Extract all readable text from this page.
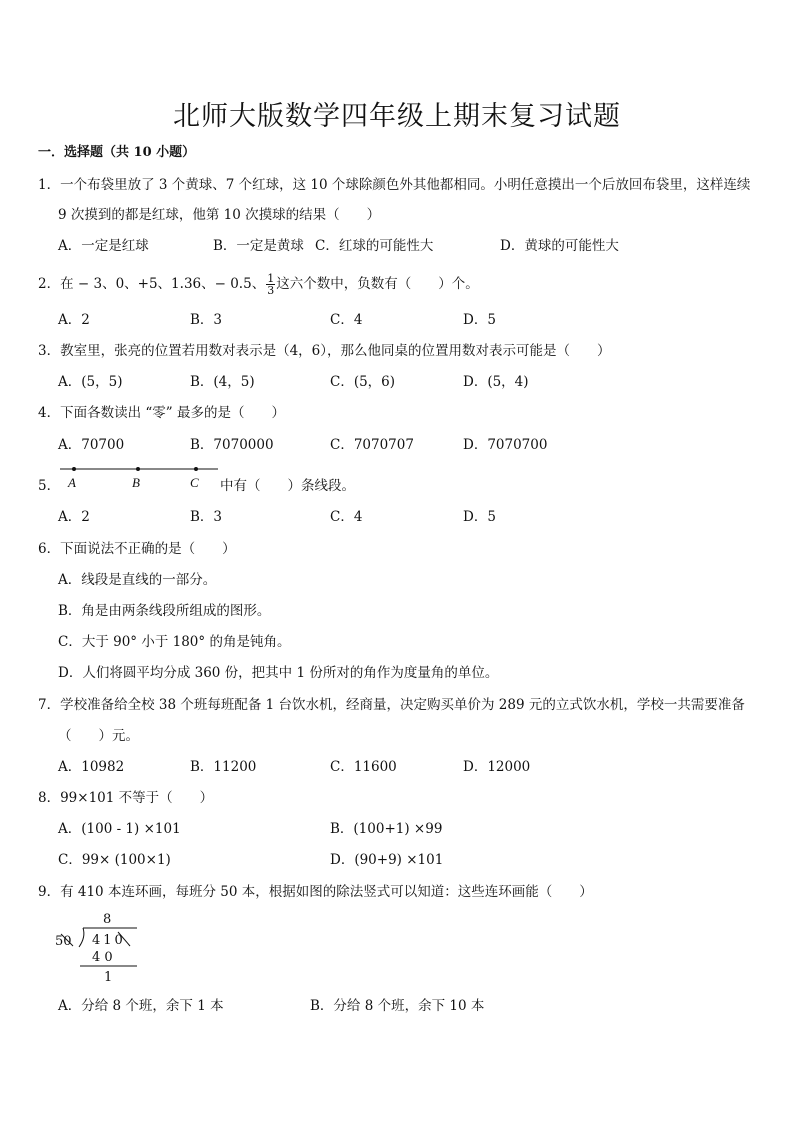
北师大版数学四年级上期末复习试题
一．选择题（共 10 小题）
1．一个布袋里放了 3 个黄球、7 个红球，这 10 个球除颜色外其他都相同。小明任意摸出一个后放回布袋里，这样连续
9 次摸到的都是红球，他第 10 次摸球的结果（　　）
A．一定是红球	B．一定是黄球 C．红球的可能性大	D．黄球的可能性大
2．在 − 3、0、+5、1.36、− 0.5、 $\frac{1}{3}$ 这六个数中，负数有（　　）个。
A．2	B．3	C．4	D．5
3．教室里，张亮的位置若用数对表示是（4，6），那么他同桌的位置用数对表示可能是（　　）
A．(5，5)	B．(4，5)	C．(5，6)	D．(5，4)
4．下面各数读出 “零” 最多的是（　　）
A．70700	B．7070000	C．7070707	D．7070700
5． A	B	C 中有（　　）条线段。
A．2	B．3	C．4	D．5
6．下面说法不正确的是（　　）
A．线段是直线的一部分。
B．角是由两条线段所组成的图形。
C．大于 90° 小于 180° 的角是钝角。
D．人们将圆平均分成 360 份，把其中 1 份所对的角作为度量角的单位。
7．学校准备给全校 38 个班每班配备 1 台饮水机，经商量，决定购买单价为 289 元的立式饮水机，学校一共需要准备
（　　）元。
A．10982	B．11200	C．11600	D．12000
8．99×101 不等于（　　）
A．(100 - 1) ×101	B．(100+1) ×99
C．99× (100×1)	D．(90+9) ×101
9．有 410 本连环画，每班分 50 本，根据如图的除法竖式可以知道：这些连环画能（　　）
8
50 410
4 0
1
A．分给 8 个班，余下 1 本	B．分给 8 个班，余下 10 本
